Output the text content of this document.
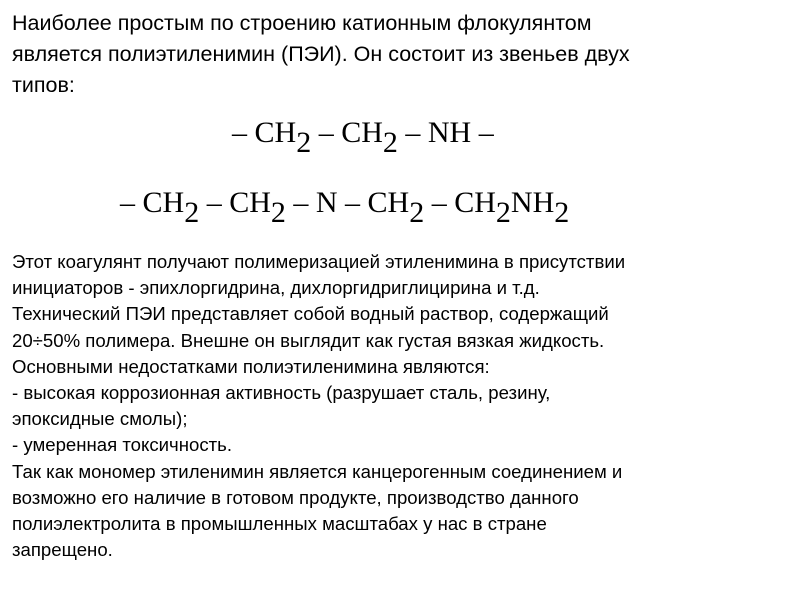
Наиболее простым по строению катионным флокулянтом

является полиэтиленимин (ПЭИ). Он состоит из звеньев двух

типов:

– CH2 – CH2 – NH –
– CH2 – CH2 – N – CH2 – CH2NH2

Этот коагулянт получают полимеризацией этиленимина в присутствии

инициаторов - эпихлоргидрина, дихлоргидриглицирина и т.д.

Технический ПЭИ представляет собой водный раствор, содержащий

20÷50% полимера. Внешне он выглядит как густая вязкая жидкость.

Основными недостатками полиэтиленимина являются:

- высокая коррозионная активность (разрушает сталь, резину,

эпоксидные смолы);

- умеренная токсичность.

Так как мономер этиленимин является канцерогенным соединением и

возможно его наличие в готовом продукте, производство данного

полиэлектролита в промышленных масштабах у нас в стране

запрещено.
